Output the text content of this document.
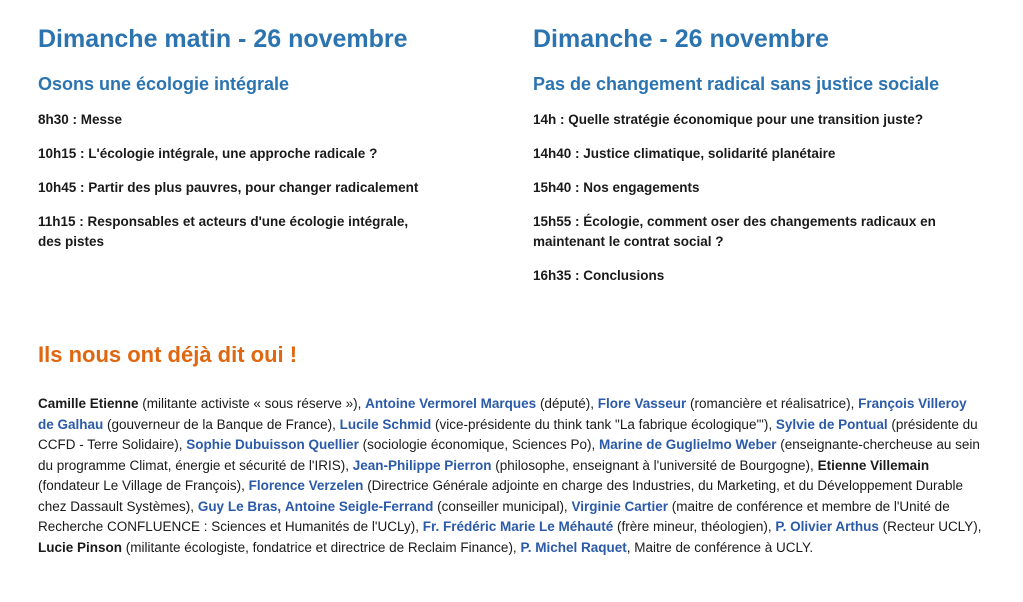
Dimanche matin - 26 novembre
Osons une écologie intégrale
8h30 : Messe
10h15 : L'écologie intégrale, une approche radicale ?
10h45 : Partir des plus pauvres, pour changer radicalement
11h15 : Responsables et acteurs d'une écologie intégrale, des pistes
Dimanche - 26 novembre
Pas de changement radical sans justice sociale
14h : Quelle stratégie économique pour une transition juste?
14h40 : Justice climatique, solidarité planétaire
15h40 : Nos engagements
15h55 : Écologie, comment oser des changements radicaux en maintenant le contrat social ?
16h35 : Conclusions
Ils nous ont déjà dit oui !

Camille Etienne (militante activiste « sous réserve »), Antoine Vermorel Marques (député), Flore Vasseur (romancière et réalisatrice), François Villeroy de Galhau (gouverneur de la Banque de France), Lucile Schmid (vice-présidente du think tank "La fabrique écologique'"), Sylvie de Pontual (présidente du CCFD - Terre Solidaire), Sophie Dubuisson Quellier (sociologie économique, Sciences Po), Marine de Guglielmo Weber (enseignante-chercheuse au sein du programme Climat, énergie et sécurité de l'IRIS), Jean-Philippe Pierron (philosophe, enseignant à l'université de Bourgogne), Etienne Villemain (fondateur Le Village de François), Florence Verzelen (Directrice Générale adjointe en charge des Industries, du Marketing, et du Développement Durable chez Dassault Systèmes), Guy Le Bras, Antoine Seigle-Ferrand (conseiller municipal), Virginie Cartier (maitre de conférence et membre de l'Unité de Recherche CONFLUENCE : Sciences et Humanités de l'UCLy), Fr. Frédéric Marie Le Méhauté (frère mineur, théologien), P. Olivier Arthus (Recteur UCLY), Lucie Pinson (militante écologiste, fondatrice et directrice de Reclaim Finance), P. Michel Raquet, Maitre de conférence à UCLY.
